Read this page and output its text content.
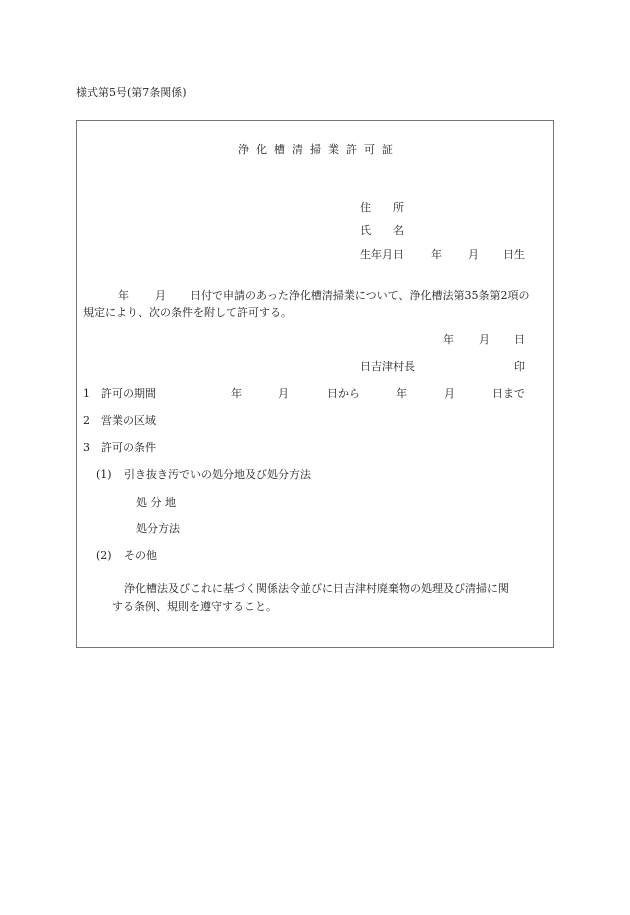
様式第5号(第7条関係)
浄化槽清掃業許可証
住　　所
氏　　名
生年月日 年 月 日生
年 月 日付で申請のあった浄化槽清掃業について、浄化槽法第35条第2項の
規定により、次の条件を附して許可する。
年 月 日
日吉津村長	印
1 許可の期間	年	月	日から	年	月	日まで
2 営業の区域
3 許可の条件
(1) 引き抜き汚でいの処分地及び処分方法
処 分 地
処分方法
(2) その他
浄化槽法及びこれに基づく関係法令並びに日吉津村廃棄物の処理及び清掃に関
する条例、規則を遵守すること。
